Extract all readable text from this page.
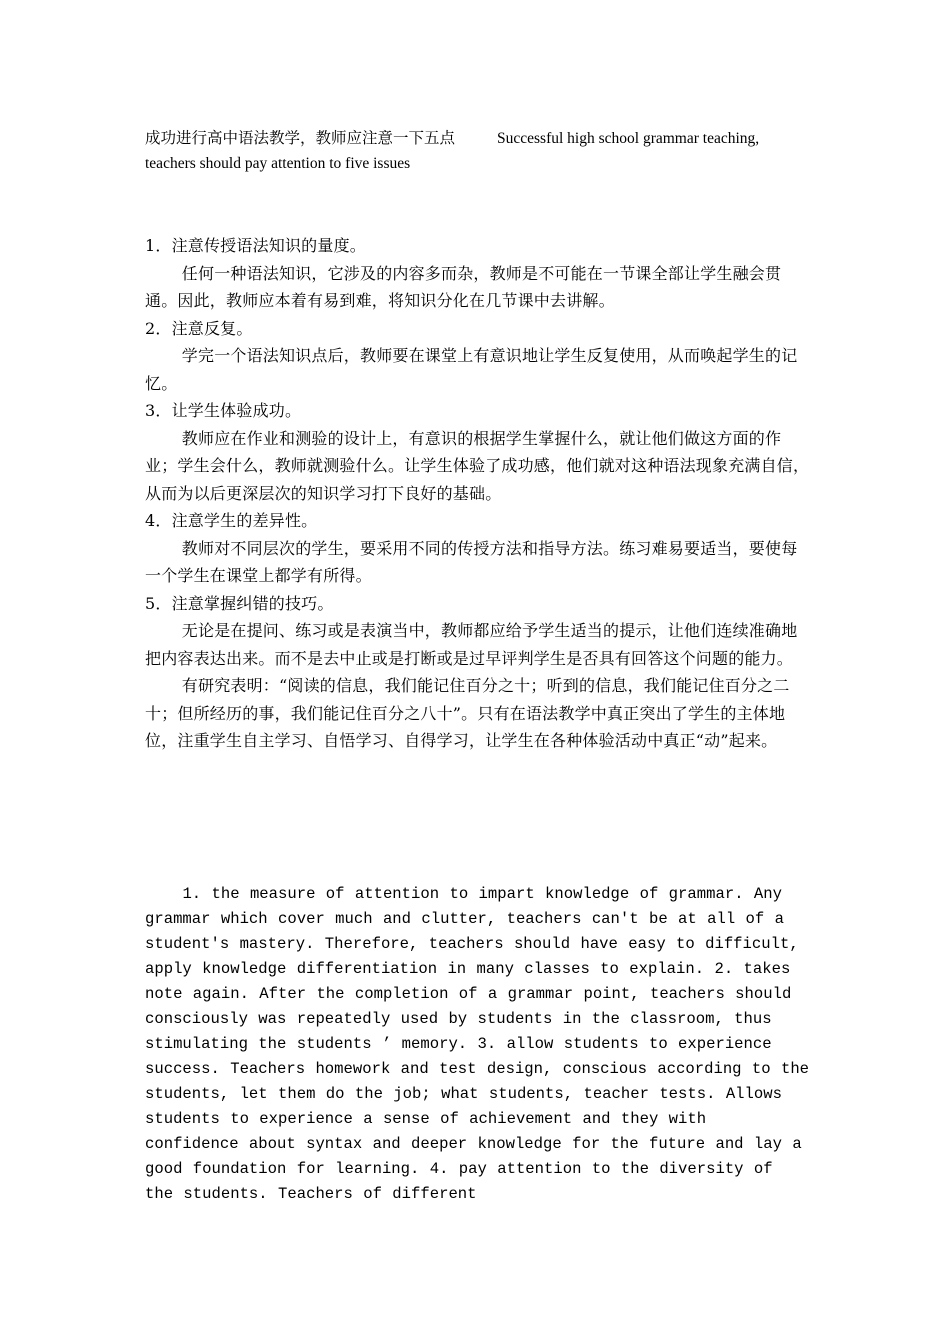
成功进行高中语法教学，教师应注意一下五点	Successful high school grammar teaching, teachers should pay attention to five issues

1．注意传授语法知识的量度。

任何一种语法知识，它涉及的内容多而杂，教师是不可能在一节课全部让学生融会贯通。因此，教师应本着有易到难，将知识分化在几节课中去讲解。

2．注意反复。

学完一个语法知识点后，教师要在课堂上有意识地让学生反复使用，从而唤起学生的记忆。

3．让学生体验成功。

教师应在作业和测验的设计上，有意识的根据学生掌握什么，就让他们做这方面的作业；学生会什么，教师就测验什么。让学生体验了成功感，他们就对这种语法现象充满自信，从而为以后更深层次的知识学习打下良好的基础。

4．注意学生的差异性。

教师对不同层次的学生，要采用不同的传授方法和指导方法。练习难易要适当，要使每一个学生在课堂上都学有所得。

5．注意掌握纠错的技巧。

无论是在提问、练习或是表演当中，教师都应给予学生适当的提示，让他们连续准确地把内容表达出来。而不是去中止或是打断或是过早评判学生是否具有回答这个问题的能力。

有研究表明：“阅读的信息，我们能记住百分之十；听到的信息，我们能记住百分之二十；但所经历的事，我们能记住百分之八十”。只有在语法教学中真正突出了学生的主体地位，注重学生自主学习、自悟学习、自得学习，让学生在各种体验活动中真正“动”起来。

1. the measure of attention to impart knowledge of grammar. Any grammar which cover much and clutter, teachers can't be at all of a student's mastery. Therefore, teachers should have easy to difficult, apply knowledge differentiation in many classes to explain. 2. takes note again. After the completion of a grammar point, teachers should consciously was repeatedly used by students in the classroom, thus stimulating the students ’ memory. 3. allow students to experience success. Teachers homework and test design, conscious according to the students, let them do the job; what students, teacher tests. Allows students to experience a sense of achievement and they with confidence about syntax and deeper knowledge for the future and lay a good foundation for learning. 4. pay attention to the diversity of the students. Teachers of different
